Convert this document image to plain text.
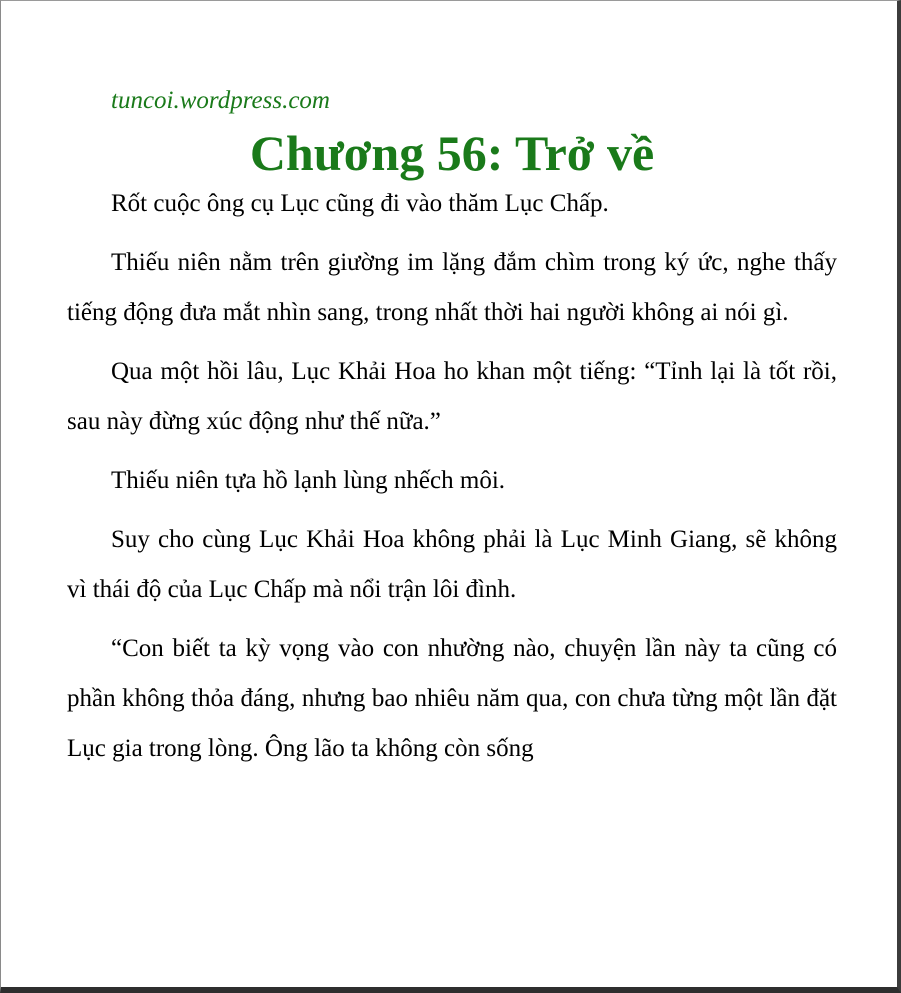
tuncoi.wordpress.com

Chương 56: Trở về

Rốt cuộc ông cụ Lục cũng đi vào thăm Lục Chấp.

Thiếu niên nằm trên giường im lặng đắm chìm trong ký ức, nghe thấy tiếng động đưa mắt nhìn sang, trong nhất thời hai người không ai nói gì.

Qua một hồi lâu, Lục Khải Hoa ho khan một tiếng: “Tỉnh lại là tốt rồi, sau này đừng xúc động như thế nữa.”

Thiếu niên tựa hồ lạnh lùng nhếch môi.

Suy cho cùng Lục Khải Hoa không phải là Lục Minh Giang, sẽ không vì thái độ của Lục Chấp mà nổi trận lôi đình.

“Con biết ta kỳ vọng vào con nhường nào, chuyện lần này ta cũng có phần không thỏa đáng, nhưng bao nhiêu năm qua, con chưa từng một lần đặt Lục gia trong lòng. Ông lão ta không còn sống
